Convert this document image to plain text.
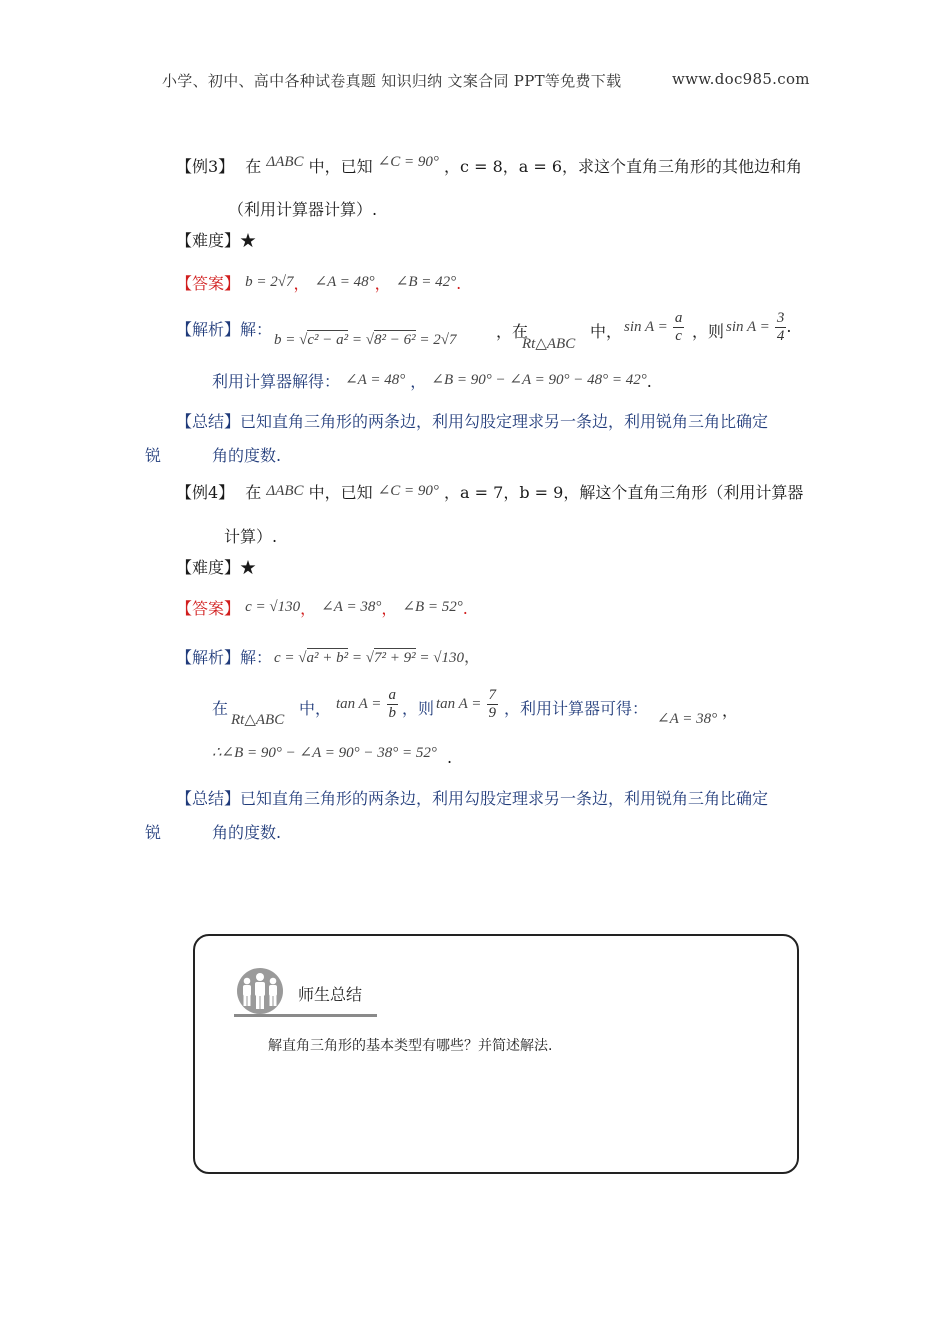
小学、初中、高中各种试卷真题 知识归纳 文案合同 PPT等免费下载	www.doc985.com
【例3】 在 ΔABC 中，已知 ∠C = 90° ，c = 8，a = 6，求这个直角三角形的其他边和角
（利用计算器计算）.
【难度】★
【答案】 b = 2√7， ∠A = 48°， ∠B = 42°.
【解析】解：
b = √c² − a² = √8² − 6² = 2√7 ，在
Rt△ABC
中， $\sin A = \frac{a}{c}$ ，则 $\sin A = \frac{3}{4}$ .
利用计算器解得： ∠A = 48° ， ∠B = 90° − ∠A = 90° − 48° = 42°.
【总结】已知直角三角形的两条边，利用勾股定理求另一条边，利用锐角三角比确定
锐	角的度数.
【例4】 在 ΔABC 中，已知 ∠C = 90° ，a = 7，b = 9，解这个直角三角形（利用计算器
计算）.
【难度】★
【答案】 c = √130， ∠A = 38°， ∠B = 52°.
【解析】解： c = √a² + b² = √7² + 9² = √130，
在
Rt△ABC
中， $\tan A = \frac{a}{b}$ ，则 $\tan A = \frac{7}{9}$ ，利用计算器可得：
∠A = 38° ，
∴∠B = 90° − ∠A = 90° − 38° = 52° .
【总结】已知直角三角形的两条边，利用勾股定理求另一条边，利用锐角三角比确定
锐	角的度数.
师生总结
解直角三角形的基本类型有哪些？并简述解法.
